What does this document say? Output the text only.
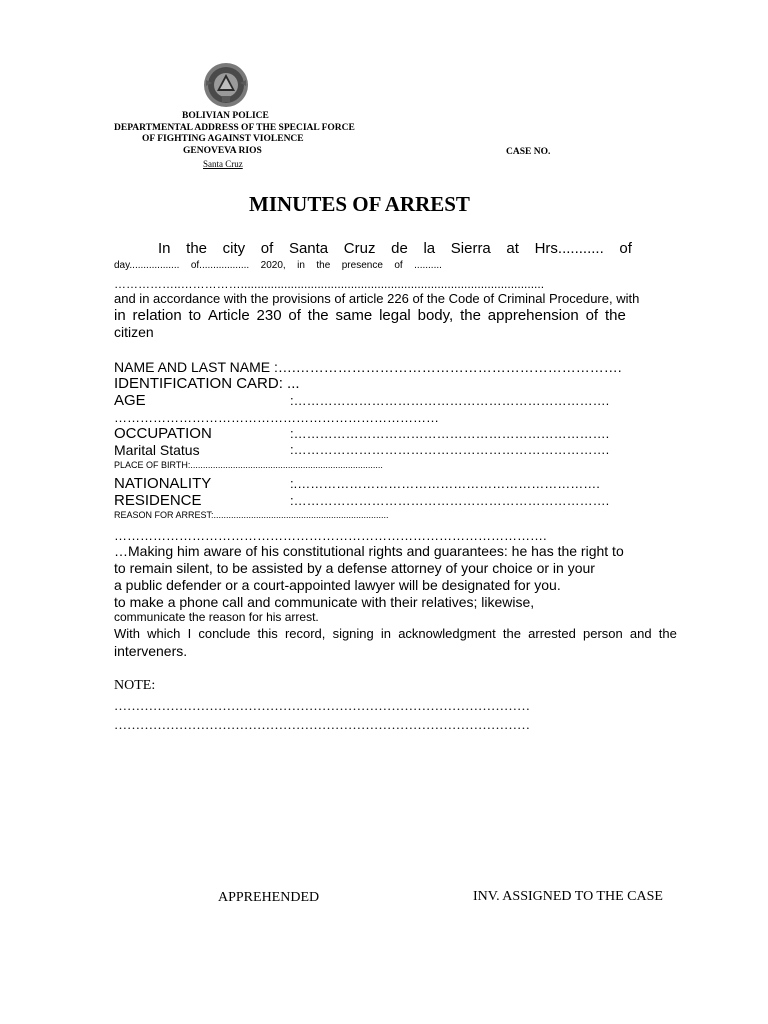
BOLIVIAN POLICE
DEPARTMENTAL ADDRESS OF THE SPECIAL FORCE
OF FIGHTING AGAINST VIOLENCE
GENOVEVA RIOS
Santa Cruz
CASE NO.
MINUTES OF ARREST
In the city of Santa Cruz de la Sierra at Hrs........... of
day.................. of.................. 2020, in the presence of ..........
……………..……………...........................................................................................
and in accordance with the provisions of article 226 of the Code of Criminal Procedure, with
in relation to Article 230 of the same legal body, the apprehension of the
citizen
NAME AND LAST NAME :….…………………………………………………………….
IDENTIFICATION CARD: ...
AGE	:……………………………………………………………….
…………………………………………………………………
OCCUPATION	:……………………………………………………………….
Marital Status	:……………………………………………………………….
PLACE OF BIRTH:.............................................................................
NATIONALITY	:.…………………………………………………………….
RESIDENCE	:……………………………………………………………….
REASON FOR ARREST:......................................................................
……………………………………………………………………………………….
…Making him aware of his constitutional rights and guarantees: he has the right to
to remain silent, to be assisted by a defense attorney of your choice or in your
a public defender or a court-appointed lawyer will be designated for you.
to make a phone call and communicate with their relatives; likewise,
communicate the reason for his arrest.
With which I conclude this record, signing in acknowledgment the arrested person and the
interveners.
NOTE:
……………………………………………………………………………………
……………………………………………………………………………………
APPREHENDED	INV. ASSIGNED TO THE CASE
